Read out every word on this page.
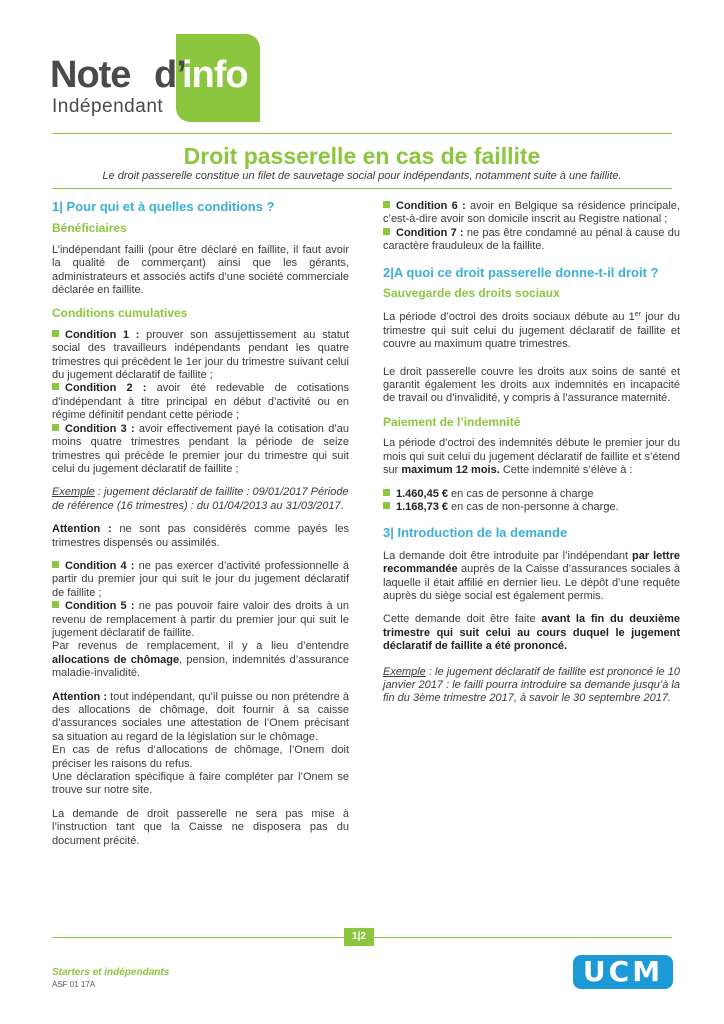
Note d’
info
Indépendant
Droit passerelle en cas de faillite
Le droit passerelle constitue un filet de sauvetage social pour indépendants, notamment suite à une faillite.
1| Pour qui et à quelles conditions ?
Bénéficiaires

L’indépendant failli (pour être déclaré en faillite, il faut avoir la qualité de commerçant) ainsi que les gérants, administrateurs et associés actifs d’une société commerciale déclarée en faillite.

Conditions cumulatives

Condition 1 : prouver son assujettissement au statut social des travailleurs indépendants pendant les quatre trimestres qui précèdent le 1er jour du trimestre suivant celui du jugement déclaratif de faillite ;

Condition 2 : avoir été redevable de cotisations d’indépendant à titre principal en début d’activité ou en régime définitif pendant cette période ;

Condition 3 : avoir effectivement payé la cotisation d’au moins quatre trimestres pendant la période de seize trimestres qui précède le premier jour du trimestre qui suit celui du jugement déclaratif de faillite ;

Exemple : jugement déclaratif de faillite : 09/01/2017 Période de référence (16 trimestres) : du 01/04/2013 au 31/03/2017.

Attention : ne sont pas considérés comme payés les trimestres dispensés ou assimilés.

Condition 4 : ne pas exercer d’activité professionnelle à partir du premier jour qui suit le jour du jugement déclaratif de faillite ;

Condition 5 : ne pas pouvoir faire valoir des droits à un revenu de remplacement à partir du premier jour qui suit le jugement déclaratif de faillite.

Par revenus de remplacement, il y a lieu d’entendre allocations de chômage, pension, indemnités d’assurance maladie-invalidité.

Attention : tout indépendant, qu’il puisse ou non prétendre à des allocations de chômage, doit fournir à sa caisse d’assurances sociales une attestation de l’Onem précisant sa situation au regard de la législation sur le chômage.

En cas de refus d’allocations de chômage, l’Onem doit préciser les raisons du refus.

Une déclaration spécifique à faire compléter par l’Onem se trouve sur notre site.

La demande de droit passerelle ne sera pas mise à l’instruction tant que la Caisse ne disposera pas du document précité.

Condition 6 : avoir en Belgique sa résidence principale, c’est-à-dire avoir son domicile inscrit au Registre national ;

Condition 7 : ne pas être condamné au pénal à cause du caractère frauduleux de la faillite.

2|A quoi ce droit passerelle donne-t-il droit ?
Sauvegarde des droits sociaux

La période d’octroi des droits sociaux débute au 1er jour du trimestre qui suit celui du jugement déclaratif de faillite et couvre au maximum quatre trimestres.

Le droit passerelle couvre les droits aux soins de santé et garantit également les droits aux indemnités en incapacité de travail ou d’invalidité, y compris à l’assurance maternité.

Paiement de l’indemnité

La période d’octroi des indemnités débute le premier jour du mois qui suit celui du jugement déclaratif de faillite et s’étend sur maximum 12 mois. Cette indemnité s’élève à :

1.460,45 € en cas de personne à charge

1.168,73 € en cas de non-personne à charge.

3| Introduction de la demande

La demande doit être introduite par l’indépendant par lettre recommandée auprès de la Caisse d’assurances sociales à laquelle il était affilié en dernier lieu. Le dépôt d’une requête auprès du siège social est également permis.

Cette demande doit être faite avant la fin du deuxième trimestre qui suit celui au cours duquel le jugement déclaratif de faillite a été prononcé.

Exemple : le jugement déclaratif de faillite est prononcé le 10 janvier 2017 : le failli pourra introduire sa demande jusqu’à la fin du 3ème trimestre 2017, à savoir le 30 septembre 2017.

1|2
Starters et indépendants
ASF 01 17A	UCM
